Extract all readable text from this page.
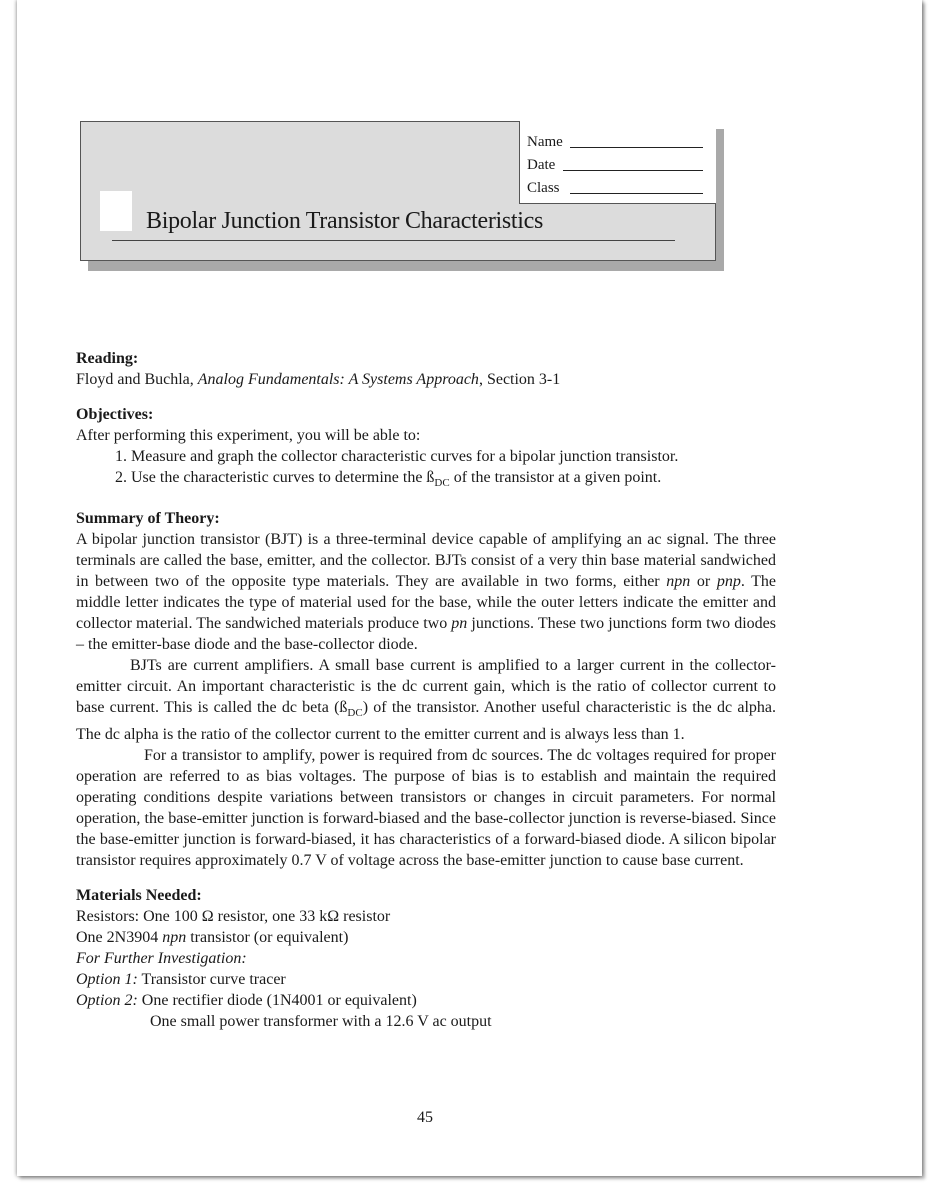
Name
Date
Class
Bipolar Junction Transistor Characteristics

Reading:

Floyd and Buchla, Analog Fundamentals: A Systems Approach, Section 3-1

Objectives:

After performing this experiment, you will be able to:

1. Measure and graph the collector characteristic curves for a bipolar junction transistor.
2. Use the characteristic curves to determine the $ß_{DC}$ of the transistor at a given point.

Summary of Theory:

A bipolar junction transistor (BJT) is a three-terminal device capable of amplifying an ac signal. The three terminals are called the base, emitter, and the collector. BJTs consist of a very thin base material sandwiched in between two of the opposite type materials. They are available in two forms, either npn or pnp. The middle letter indicates the type of material used for the base, while the outer letters indicate the emitter and collector material. The sandwiched materials produce two pn junctions. These two junctions form two diodes – the emitter-base diode and the base-collector diode.

BJTs are current amplifiers. A small base current is amplified to a larger current in the collector-emitter circuit. An important characteristic is the dc current gain, which is the ratio of collector current to base current. This is called the dc beta $(ß_{DC})$ of the transistor. Another useful characteristic is the dc alpha. The dc alpha is the ratio of the collector current to the emitter current and is always less than 1.

For a transistor to amplify, power is required from dc sources. The dc voltages required for proper operation are referred to as bias voltages. The purpose of bias is to establish and maintain the required operating conditions despite variations between transistors or changes in circuit parameters. For normal operation, the base-emitter junction is forward-biased and the base-collector junction is reverse-biased. Since the base-emitter junction is forward-biased, it has characteristics of a forward-biased diode. A silicon bipolar transistor requires approximately 0.7 V of voltage across the base-emitter junction to cause base current.

Materials Needed:

Resistors: One 100 Ω resistor, one 33 kΩ resistor

One 2N3904 npn transistor (or equivalent)

For Further Investigation:

Option 1: Transistor curve tracer

Option 2: One rectifier diode (1N4001 or equivalent)

One small power transformer with a 12.6 V ac output

45
